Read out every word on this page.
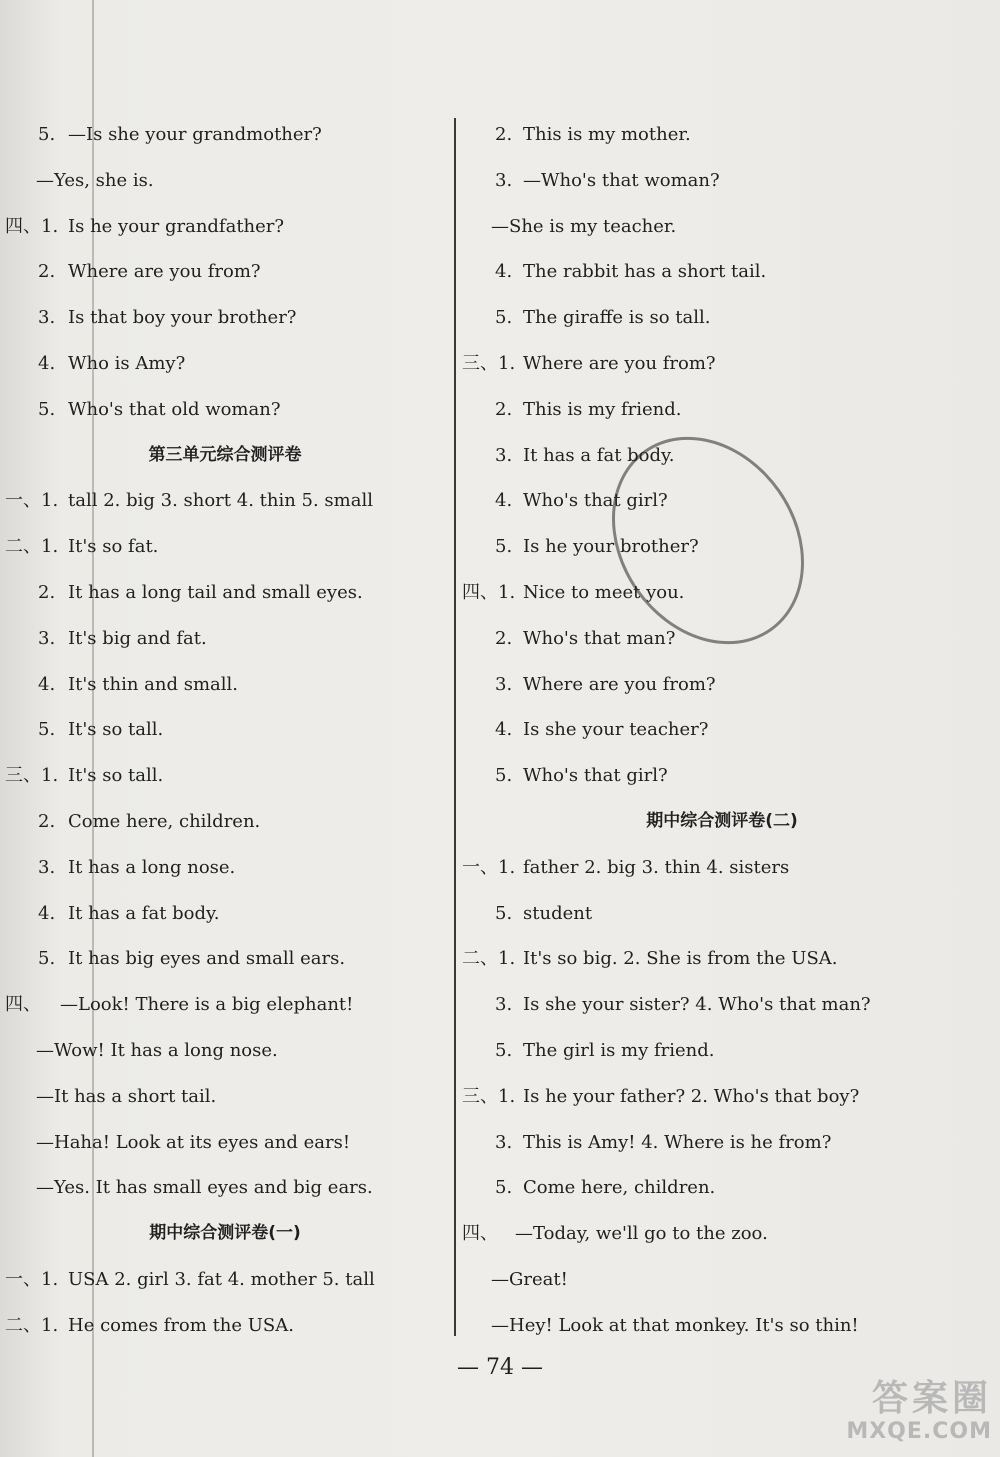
5. —Is she your grandmother?
—Yes, she is.
四、1. Is he your grandfather?
2. Where are you from?
3. Is that boy your brother?
4. Who is Amy?
5. Who's that old woman?
第三单元综合测评卷
一、1. tall 2. big 3. short 4. thin 5. small
二、1. It's so fat.
2. It has a long tail and small eyes.
3. It's big and fat.
4. It's thin and small.
5. It's so tall.
三、1. It's so tall.
2. Come here, children.
3. It has a long nose.
4. It has a fat body.
5. It has big eyes and small ears.
四、 —Look! There is a big elephant!
—Wow! It has a long nose.
—It has a short tail.
—Haha! Look at its eyes and ears!
—Yes. It has small eyes and big ears.
期中综合测评卷(一)
一、1. USA 2. girl 3. fat 4. mother 5. tall
二、1. He comes from the USA.
2. This is my mother.
3. —Who's that woman?
—She is my teacher.
4. The rabbit has a short tail.
5. The giraffe is so tall.
三、1. Where are you from?
2. This is my friend.
3. It has a fat body.
4. Who's that girl?
5. Is he your brother?
四、1. Nice to meet you.
2. Who's that man?
3. Where are you from?
4. Is she your teacher?
5. Who's that girl?
期中综合测评卷(二)
一、1. father 2. big 3. thin 4. sisters
5. student
二、1. It's so big. 2. She is from the USA.
3. Is she your sister? 4. Who's that man?
5. The girl is my friend.
三、1. Is he your father? 2. Who's that boy?
3. This is Amy! 4. Where is he from?
5. Come here, children.
四、 —Today, we'll go to the zoo.
—Great!
—Hey! Look at that monkey. It's so thin!
— 74 —
答案圈
MXQE.COM
